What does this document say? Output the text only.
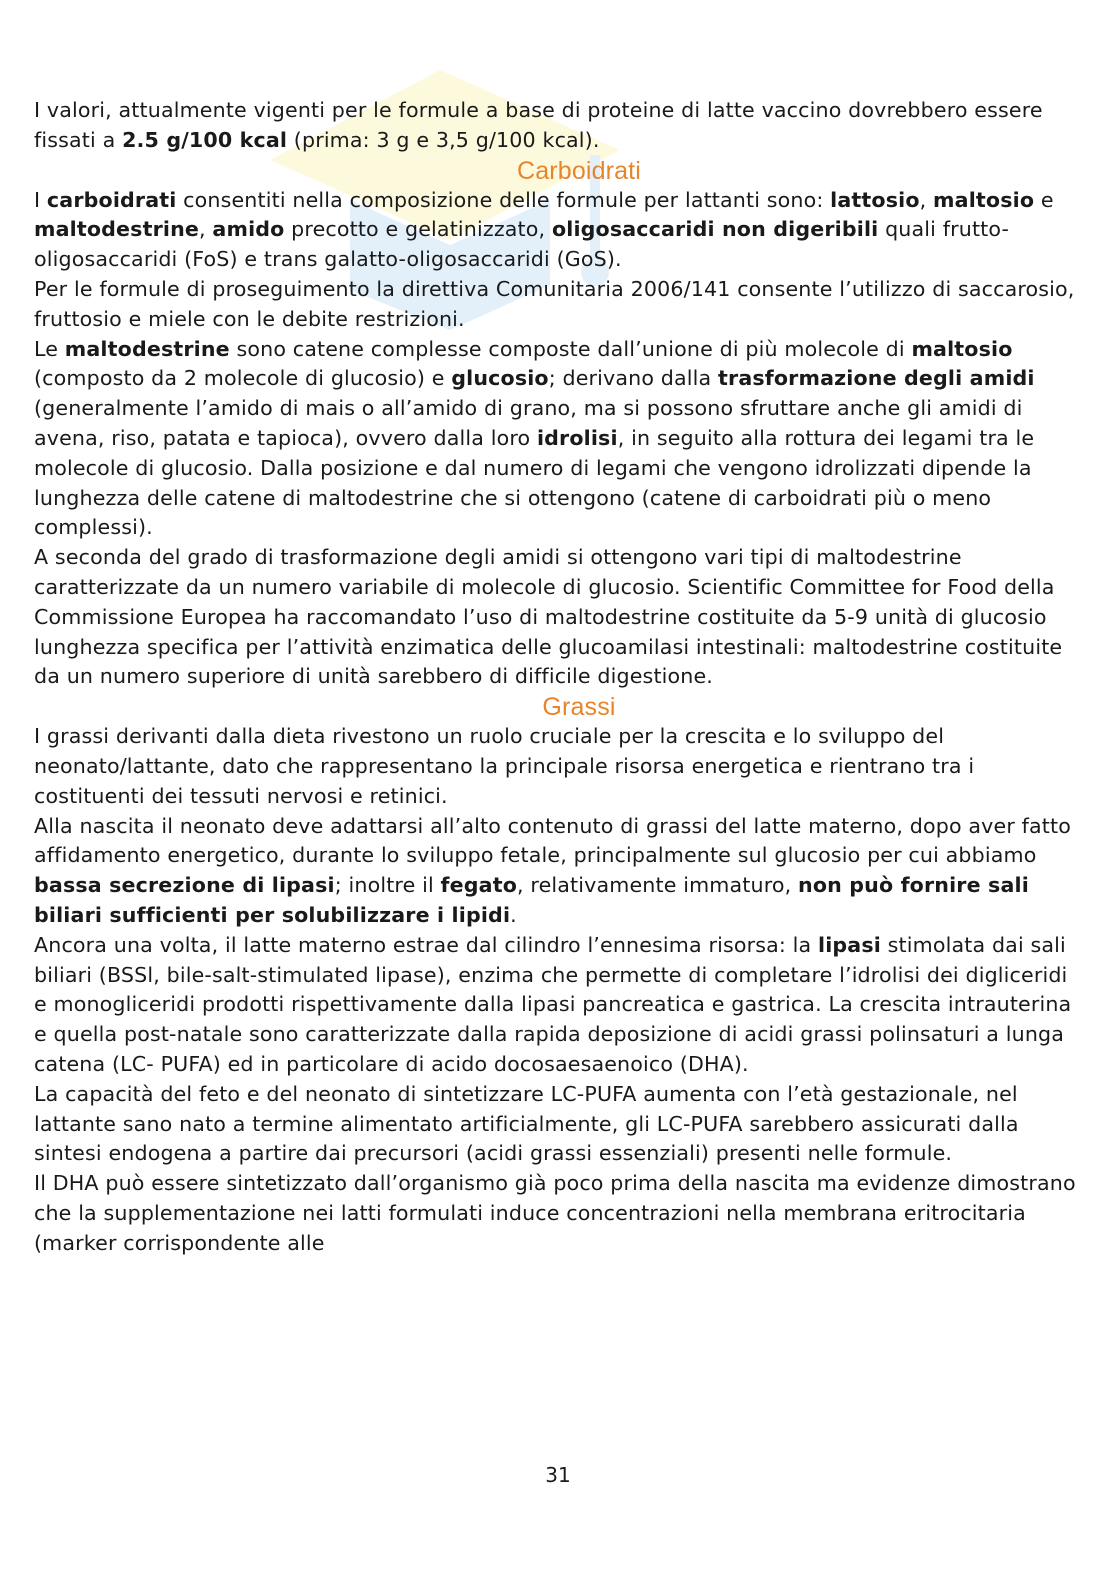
I valori, attualmente vigenti per le formule a base di proteine di latte vaccino dovrebbero essere fissati a 2.5 g/100 kcal (prima: 3 g e 3,5 g/100 kcal).

Carboidrati

I carboidrati consentiti nella composizione delle formule per lattanti sono: lattosio, maltosio e maltodestrine, amido precotto e gelatinizzato, oligosaccaridi non digeribili quali frutto-oligosaccaridi (FoS) e trans galatto-oligosaccaridi (GoS).

Per le formule di proseguimento la direttiva Comunitaria 2006/141 consente l’utilizzo di saccarosio, fruttosio e miele con le debite restrizioni.

Le maltodestrine sono catene complesse composte dall’unione di più molecole di maltosio (composto da 2 molecole di glucosio) e glucosio; derivano dalla trasformazione degli amidi (generalmente l’amido di mais o all’amido di grano, ma si possono sfruttare anche gli amidi di avena, riso, patata e tapioca), ovvero dalla loro idrolisi, in seguito alla rottura dei legami tra le molecole di glucosio. Dalla posizione e dal numero di legami che vengono idrolizzati dipende la lunghezza delle catene di maltodestrine che si ottengono (catene di carboidrati più o meno complessi).

A seconda del grado di trasformazione degli amidi si ottengono vari tipi di maltodestrine caratterizzate da un numero variabile di molecole di glucosio. Scientific Committee for Food della Commissione Europea ha raccomandato l’uso di maltodestrine costituite da 5-9 unità di glucosio lunghezza specifica per l’attività enzimatica delle glucoamilasi intestinali: maltodestrine costituite da un numero superiore di unità sarebbero di difficile digestione.

Grassi

I grassi derivanti dalla dieta rivestono un ruolo cruciale per la crescita e lo sviluppo del neonato/lattante, dato che rappresentano la principale risorsa energetica e rientrano tra i costituenti dei tessuti nervosi e retinici.

Alla nascita il neonato deve adattarsi all’alto contenuto di grassi del latte materno, dopo aver fatto affidamento energetico, durante lo sviluppo fetale, principalmente sul glucosio per cui abbiamo bassa secrezione di lipasi; inoltre il fegato, relativamente immaturo, non può fornire sali biliari sufficienti per solubilizzare i lipidi.

Ancora una volta, il latte materno estrae dal cilindro l’ennesima risorsa: la lipasi stimolata dai sali biliari (BSSl, bile-salt-stimulated lipase), enzima che permette di completare l’idrolisi dei digliceridi e monogliceridi prodotti rispettivamente dalla lipasi pancreatica e gastrica. La crescita intrauterina e quella post-natale sono caratterizzate dalla rapida deposizione di acidi grassi polinsaturi a lunga catena (LC- PUFA) ed in particolare di acido docosaesaenoico (DHA).

La capacità del feto e del neonato di sintetizzare LC-PUFA aumenta con l’età gestazionale, nel lattante sano nato a termine alimentato artificialmente, gli LC-PUFA sarebbero assicurati dalla sintesi endogena a partire dai precursori (acidi grassi essenziali) presenti nelle formule.

Il DHA può essere sintetizzato dall’organismo già poco prima della nascita ma evidenze dimostrano che la supplementazione nei latti formulati induce concentrazioni nella membrana eritrocitaria (marker corrispondente alle

31
